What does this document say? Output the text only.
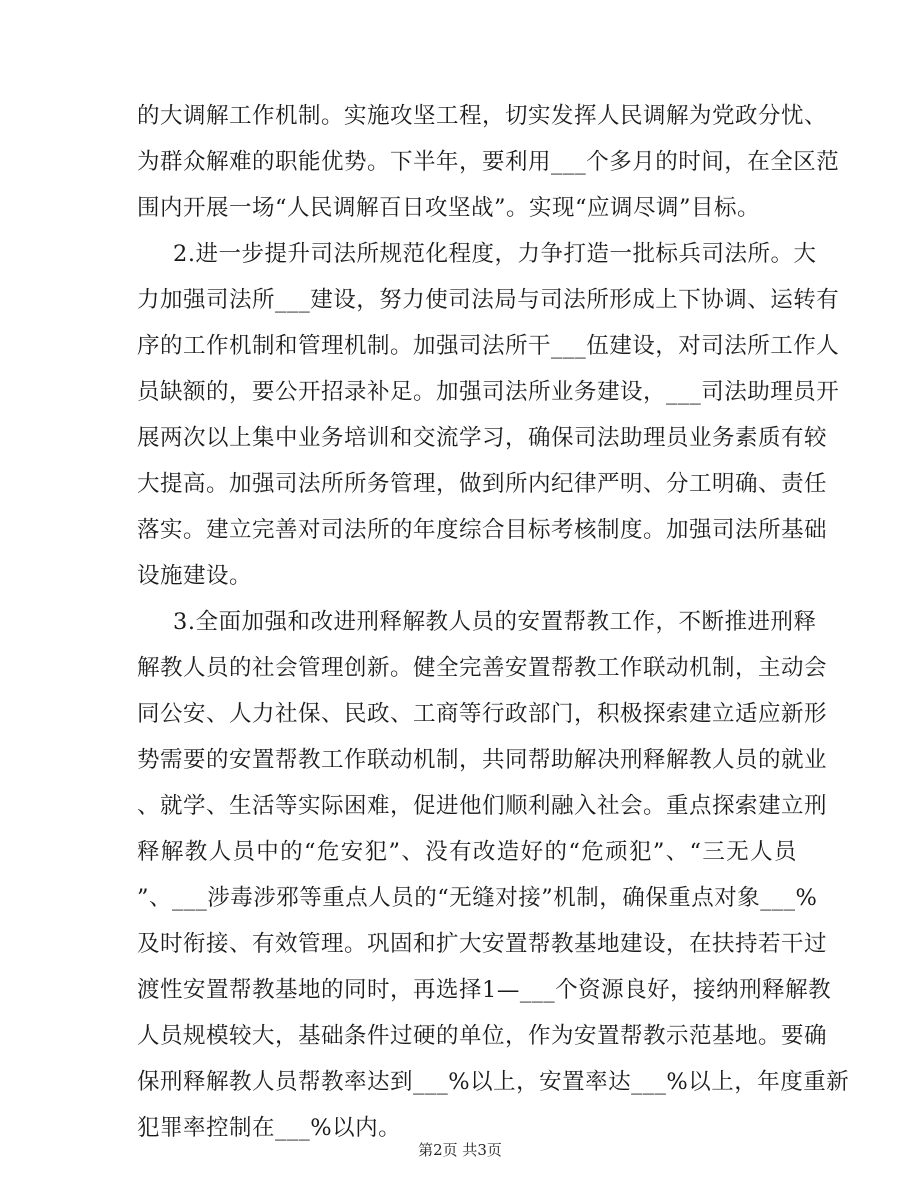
的大调解工作机制。实施攻坚工程，切实发挥人民调解为党政分忧、
为群众解难的职能优势。下半年，要利用___个多月的时间，在全区范
围内开展一场“人民调解百日攻坚战”。实现“应调尽调”目标。
2.进一步提升司法所规范化程度，力争打造一批标兵司法所。大
力加强司法所___建设，努力使司法局与司法所形成上下协调、运转有
序的工作机制和管理机制。加强司法所干___伍建设，对司法所工作人
员缺额的，要公开招录补足。加强司法所业务建设，___司法助理员开
展两次以上集中业务培训和交流学习，确保司法助理员业务素质有较
大提高。加强司法所所务管理，做到所内纪律严明、分工明确、责任
落实。建立完善对司法所的年度综合目标考核制度。加强司法所基础
设施建设。
3.全面加强和改进刑释解教人员的安置帮教工作，不断推进刑释
解教人员的社会管理创新。健全完善安置帮教工作联动机制，主动会
同公安、人力社保、民政、工商等行政部门，积极探索建立适应新形
势需要的安置帮教工作联动机制，共同帮助解决刑释解教人员的就业
、就学、生活等实际困难，促进他们顺利融入社会。重点探索建立刑
释解教人员中的“危安犯”、没有改造好的“危顽犯”、“三无人员
”、___涉毒涉邪等重点人员的“无缝对接”机制，确保重点对象___%
及时衔接、有效管理。巩固和扩大安置帮教基地建设，在扶持若干过
渡性安置帮教基地的同时，再选择1—___个资源良好，接纳刑释解教
人员规模较大，基础条件过硬的单位，作为安置帮教示范基地。要确
保刑释解教人员帮教率达到___%以上，安置率达___%以上，年度重新
犯罪率控制在___%以内。
第2页 共3页
